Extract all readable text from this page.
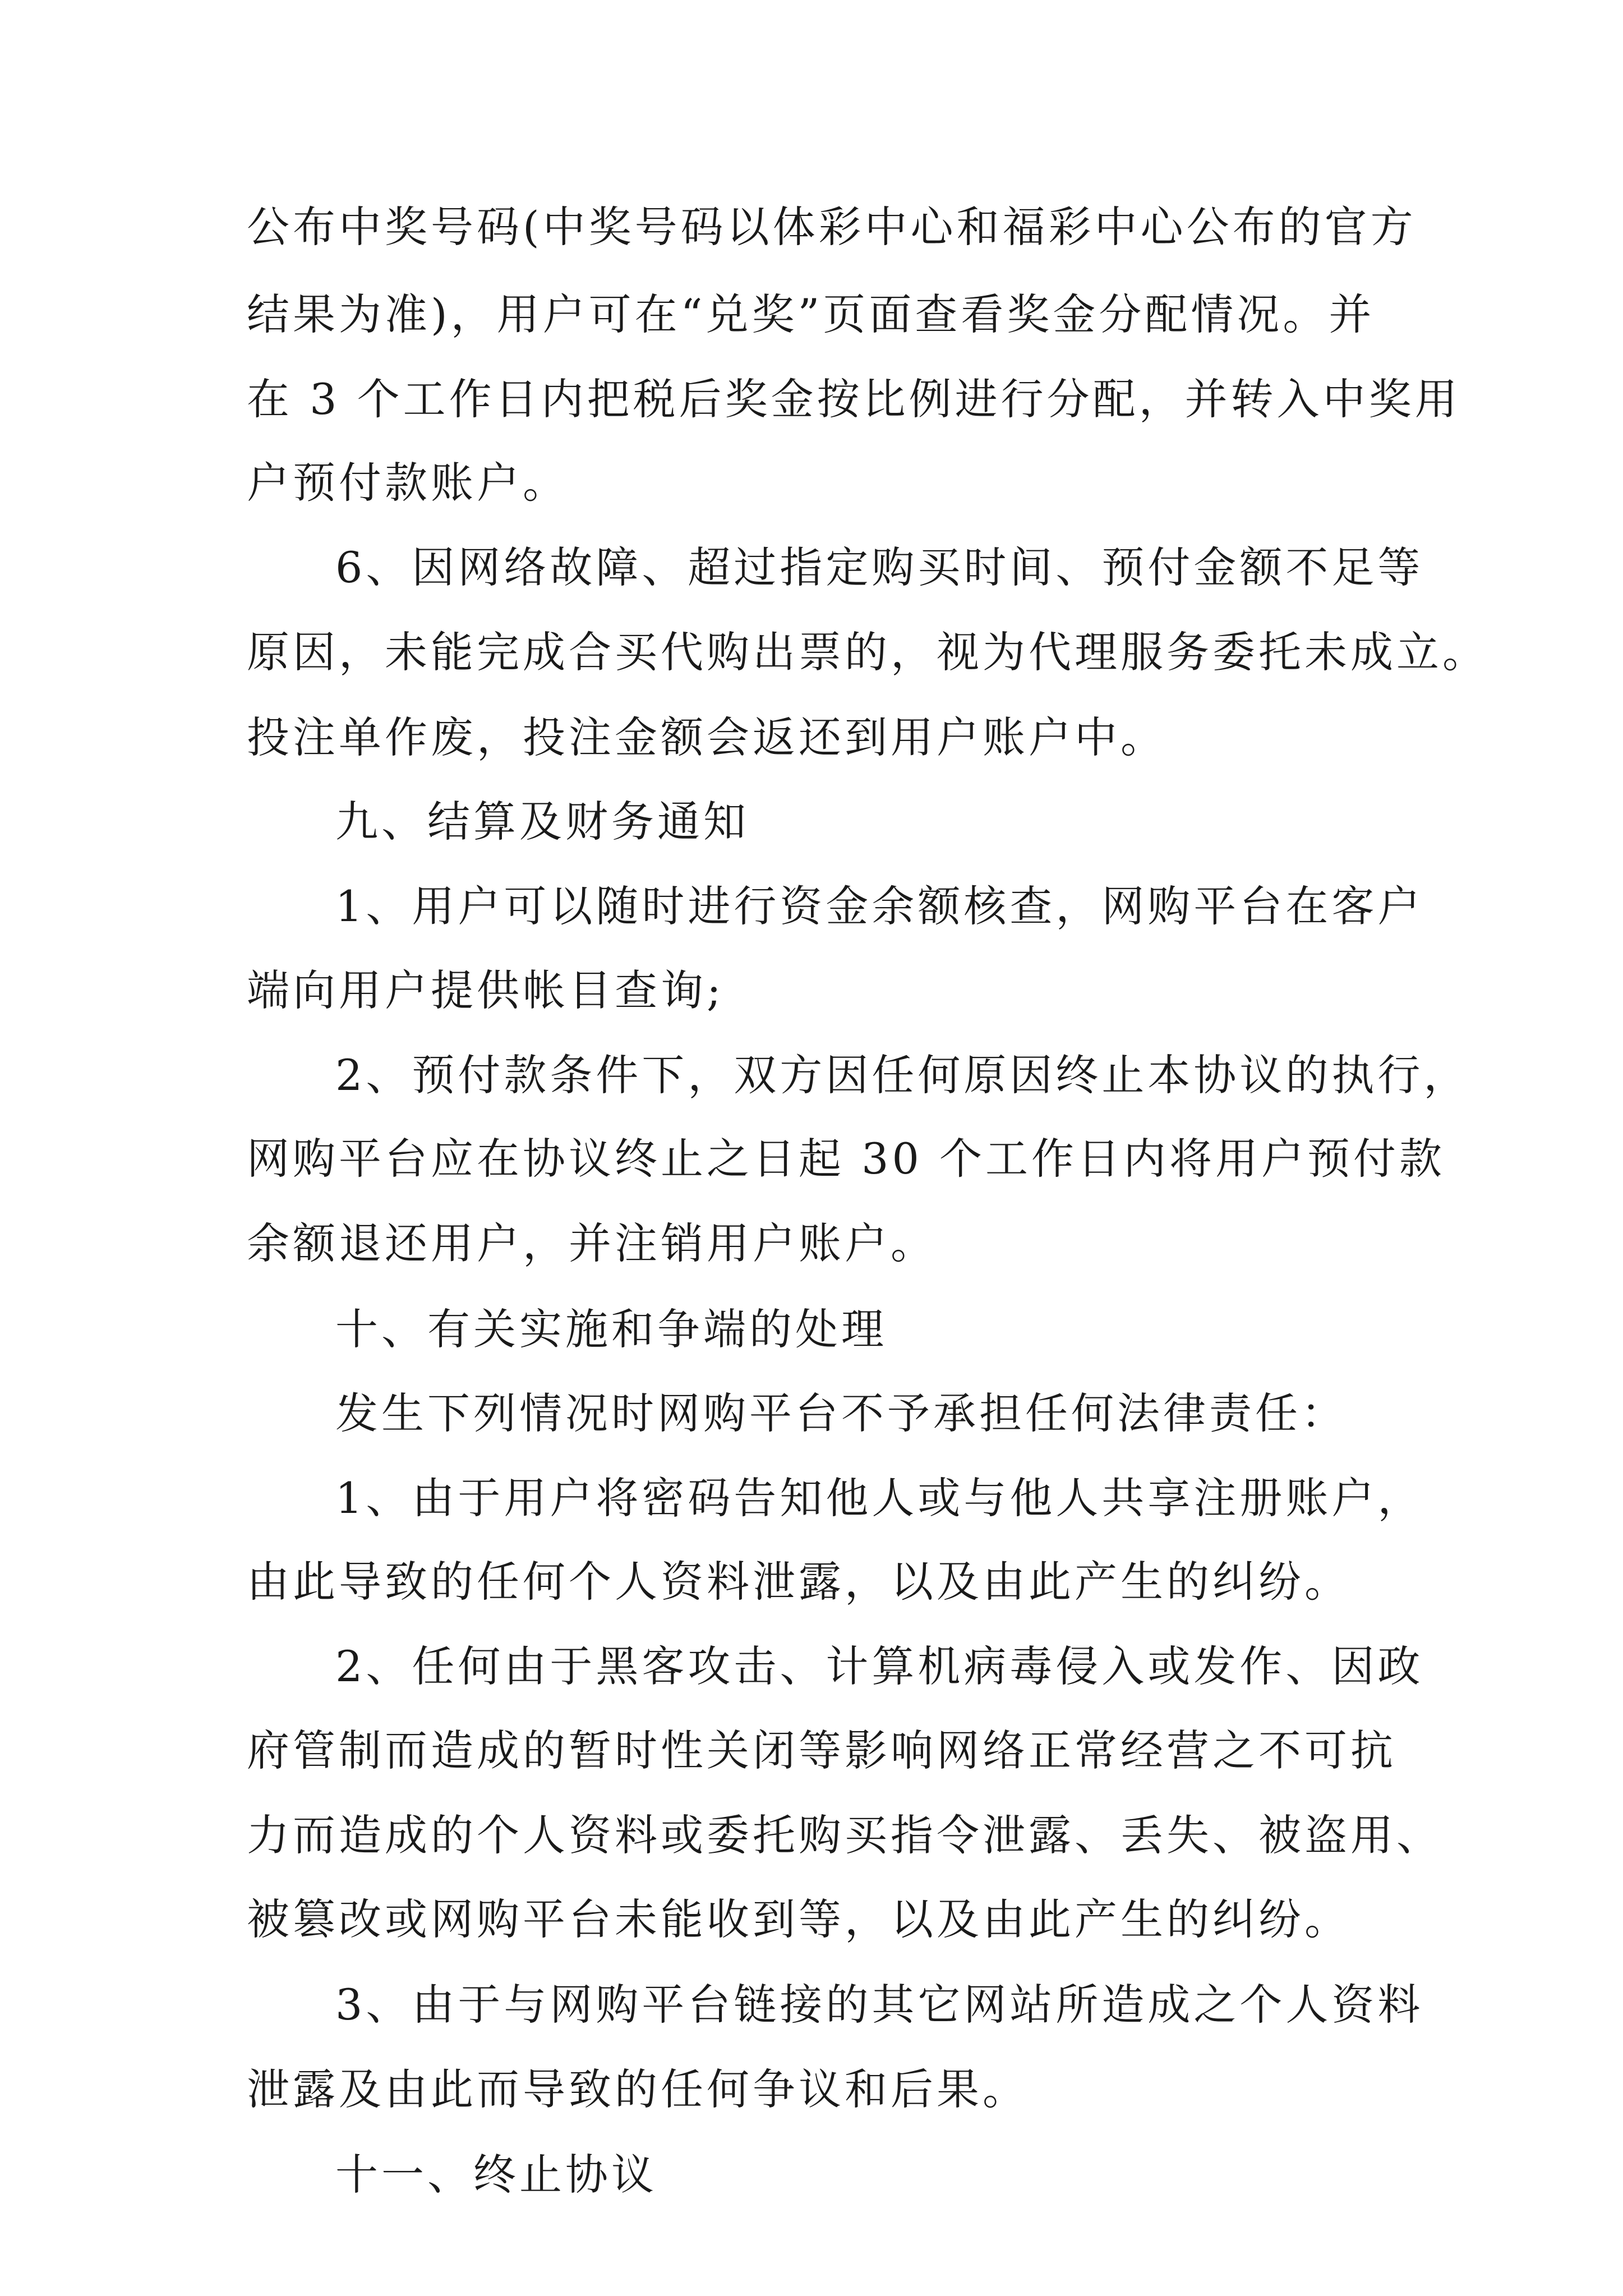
公布中奖号码(中奖号码以体彩中心和福彩中心公布的官方
结果为准)，用户可在“兑奖”页面查看奖金分配情况。并
在 3 个工作日内把税后奖金按比例进行分配，并转入中奖用
户预付款账户。
6、因网络故障、超过指定购买时间、预付金额不足等
原因，未能完成合买代购出票的，视为代理服务委托未成立。
投注单作废，投注金额会返还到用户账户中。
九、结算及财务通知
1、用户可以随时进行资金余额核查，网购平台在客户
端向用户提供帐目查询;
2、预付款条件下，双方因任何原因终止本协议的执行，
网购平台应在协议终止之日起 30 个工作日内将用户预付款
余额退还用户，并注销用户账户。
十、有关实施和争端的处理
发生下列情况时网购平台不予承担任何法律责任：
1、由于用户将密码告知他人或与他人共享注册账户，
由此导致的任何个人资料泄露，以及由此产生的纠纷。
2、任何由于黑客攻击、计算机病毒侵入或发作、因政
府管制而造成的暂时性关闭等影响网络正常经营之不可抗
力而造成的个人资料或委托购买指令泄露、丢失、被盗用、
被篡改或网购平台未能收到等，以及由此产生的纠纷。
3、由于与网购平台链接的其它网站所造成之个人资料
泄露及由此而导致的任何争议和后果。
十一、终止协议
